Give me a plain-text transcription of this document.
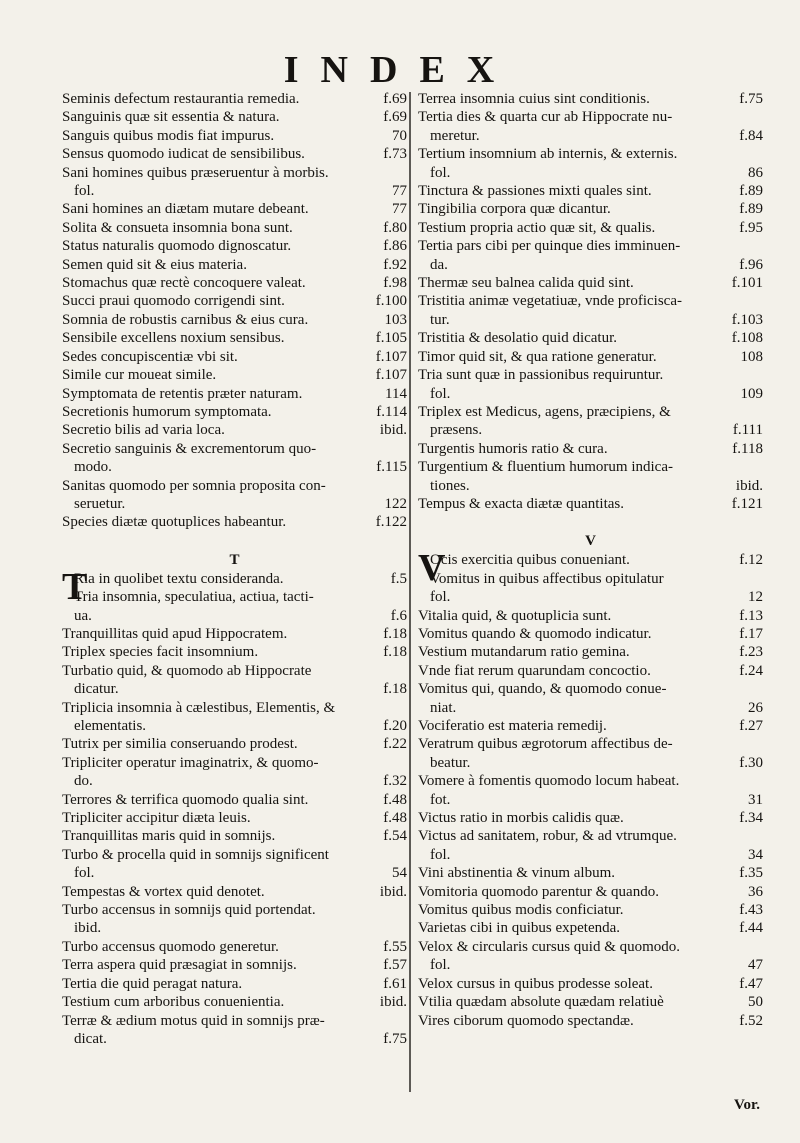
INDEX
Seminis defectum restaurantia remedia.	f.69
Sanguinis quæ sit essentia & natura.	f.69
Sanguis quibus modis fiat impurus.	70
Sensus quomodo iudicat de sensibilibus.	f.73
Sani homines quibus præseruentur à morbis.
fol.	77
Sani homines an diætam mutare debeant.	77
Solita & consueta insomnia bona sunt.	f.80
Status naturalis quomodo dignoscatur.	f.86
Semen quid sit & eius materia.	f.92
Stomachus quæ rectè concoquere valeat.	f.98
Succi praui quomodo corrigendi sint.	f.100
Somnia de robustis carnibus & eius cura.	103
Sensibile excellens noxium sensibus.	f.105
Sedes concupiscentiæ vbi sit.	f.107
Simile cur moueat simile.	f.107
Symptomata de retentis præter naturam.	114
Secretionis humorum symptomata.	f.114
Secretio bilis ad varia loca.	ibid.
Secretio sanguinis & excrementorum quo-
modo.	f.115
Sanitas quomodo per somnia proposita con-
seruetur.	122
Species diætæ quotuplices habeantur.	f.122
T
T
Ria in quolibet textu consideranda.	f.5
Tria insomnia, speculatiua, actiua, tacti-
ua.	f.6
Tranquillitas quid apud Hippocratem.	f.18
Triplex species facit insomnium.	f.18
Turbatio quid, & quomodo ab Hippocrate
dicatur.	f.18
Triplicia insomnia à cælestibus, Elementis, &
elementatis.	f.20
Tutrix per similia conseruando prodest.	f.22
Tripliciter operatur imaginatrix, & quomo-
do.	f.32
Terrores & terrifica quomodo qualia sint.	f.48
Tripliciter accipitur diæta leuis.	f.48
Tranquillitas maris quid in somnijs.	f.54
Turbo & procella quid in somnijs significent
fol.	54
Tempestas & vortex quid denotet.	ibid.
Turbo accensus in somnijs quid portendat.
ibid.
Turbo accensus quomodo generetur.	f.55
Terra aspera quid præsagiat in somnijs.	f.57
Tertia die quid peragat natura.	f.61
Testium cum arboribus conuenientia.	ibid.
Terræ & ædium motus quid in somnijs præ-
dicat.	f.75
Terrea insomnia cuius sint conditionis.	f.75
Tertia dies & quarta cur ab Hippocrate nu-
meretur.	f.84
Tertium insomnium ab internis, & externis.
fol.	86
Tinctura & passiones mixti quales sint.	f.89
Tingibilia corpora quæ dicantur.	f.89
Testium propria actio quæ sit, & qualis.	f.95
Tertia pars cibi per quinque dies imminuen-
da.	f.96
Thermæ seu balnea calida quid sint.	f.101
Tristitia animæ vegetatiuæ, vnde proficisca-
tur.	f.103
Tristitia & desolatio quid dicatur.	f.108
Timor quid sit, & qua ratione generatur.	108
Tria sunt quæ in passionibus requiruntur.
fol.	109
Triplex est Medicus, agens, præcipiens, &
præsens.	f.111
Turgentis humoris ratio & cura.	f.118
Turgentium & fluentium humorum indica-
tiones.	ibid.
Tempus & exacta diætæ quantitas.	f.121
V
V
Ocis exercitia quibus conueniant.	f.12
Vomitus in quibus affectibus opitulatur
fol.	12
Vitalia quid, & quotuplicia sunt.	f.13
Vomitus quando & quomodo indicatur.	f.17
Vestium mutandarum ratio gemina.	f.23
Vnde fiat rerum quarundam concoctio.	f.24
Vomitus qui, quando, & quomodo conue-
niat.	26
Vociferatio est materia remedij.	f.27
Veratrum quibus ægrotorum affectibus de-
beatur.	f.30
Vomere à fomentis quomodo locum habeat.
fot.	31
Victus ratio in morbis calidis quæ.	f.34
Victus ad sanitatem, robur, & ad vtrumque.
fol.	34
Vini abstinentia & vinum album.	f.35
Vomitoria quomodo parentur & quando.	36
Vomitus quibus modis conficiatur.	f.43
Varietas cibi in quibus expetenda.	f.44
Velox & circularis cursus quid & quomodo.
fol.	47
Velox cursus in quibus prodesse soleat.	f.47
Vtilia quædam absolute quædam relatiuè	50
Vires ciborum quomodo spectandæ.	f.52
Vor.
